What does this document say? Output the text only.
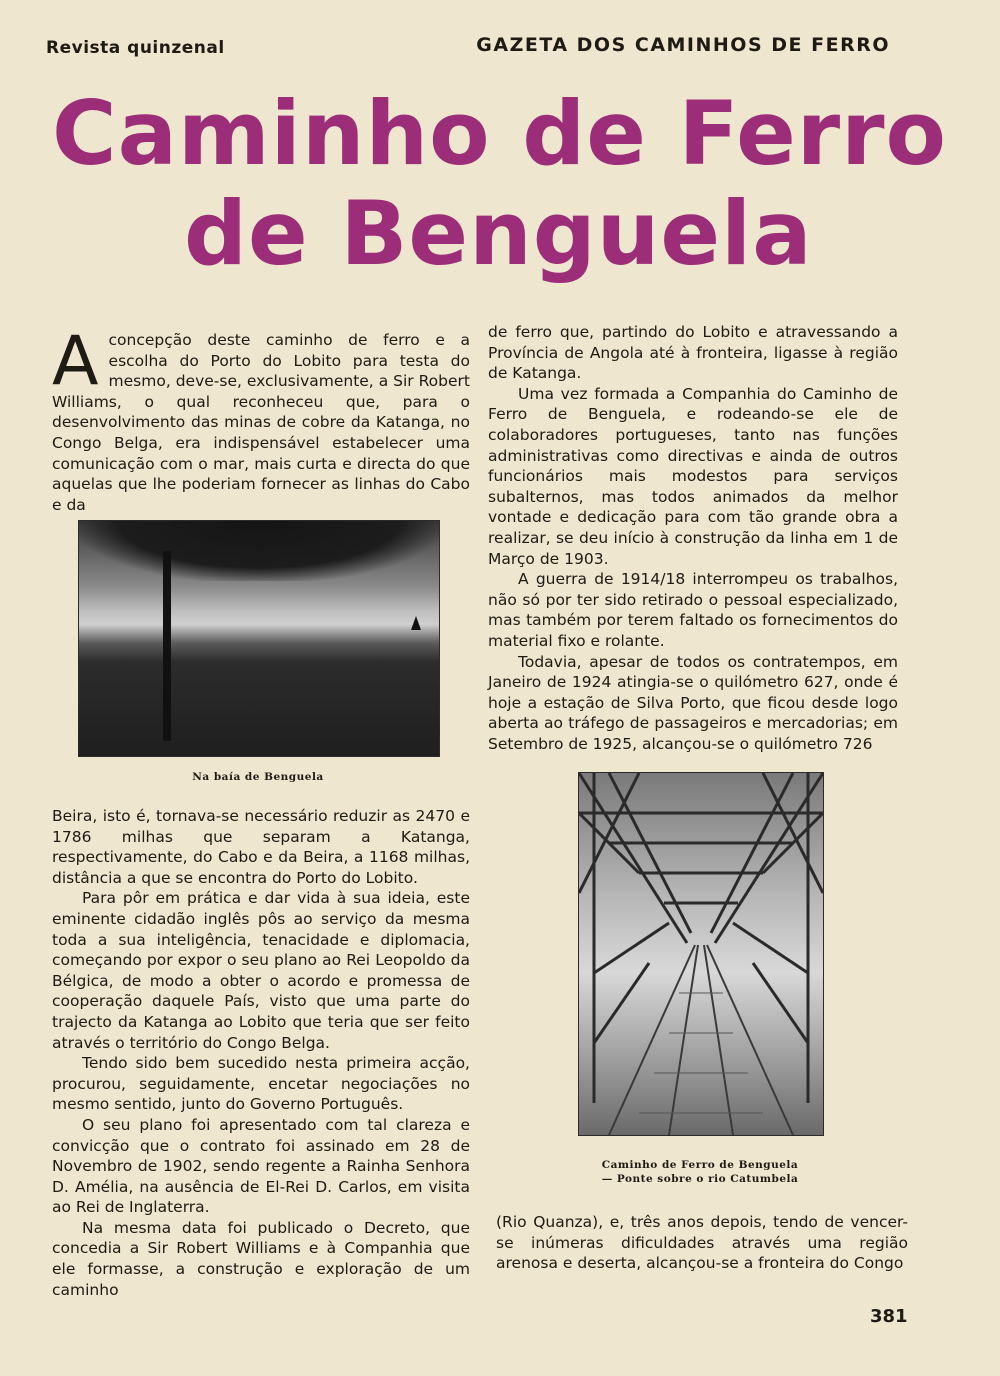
Revista quinzenal	GAZETA DOS CAMINHOS DE FERRO
Caminho de Ferro
de Benguela

Aconcepção deste caminho de ferro e a escolha do Porto do Lobito para testa do mesmo, deve-se, exclusivamente, a Sir Robert Williams, o qual reconheceu que, para o desenvolvimento das minas de cobre da Katanga, no Congo Belga, era indispensável estabelecer uma comunicação com o mar, mais curta e directa do que aquelas que lhe poderiam fornecer as linhas do Cabo e da

Na baía de Benguela

Beira, isto é, tornava-se necessário reduzir as 2470 e 1786 milhas que separam a Katanga, respectivamente, do Cabo e da Beira, a 1168 milhas, distância a que se encontra do Porto do Lobito.

Para pôr em prática e dar vida à sua ideia, este eminente cidadão inglês pôs ao serviço da mesma toda a sua inteligência, tenacidade e diplomacia, começando por expor o seu plano ao Rei Leopoldo da Bélgica, de modo a obter o acordo e promessa de cooperação daquele País, visto que uma parte do trajecto da Katanga ao Lobito que teria que ser feito através o território do Congo Belga.

Tendo sido bem sucedido nesta primeira acção, procurou, seguidamente, encetar negociações no mesmo sentido, junto do Governo Português.

O seu plano foi apresentado com tal clareza e convicção que o contrato foi assinado em 28 de Novembro de 1902, sendo regente a Rainha Senhora D. Amélia, na ausência de El-Rei D. Carlos, em visita ao Rei de Inglaterra.

Na mesma data foi publicado o Decreto, que concedia a Sir Robert Williams e à Companhia que ele formasse, a construção e exploração de um caminho

de ferro que, partindo do Lobito e atravessando a Província de Angola até à fronteira, ligasse à região de Katanga.

Uma vez formada a Companhia do Caminho de Ferro de Benguela, e rodeando-se ele de colaboradores portugueses, tanto nas funções administrativas como directivas e ainda de outros funcionários mais modestos para serviços subalternos, mas todos animados da melhor vontade e dedicação para com tão grande obra a realizar, se deu início à construção da linha em 1 de Março de 1903.

A guerra de 1914/18 interrompeu os trabalhos, não só por ter sido retirado o pessoal especializado, mas também por terem faltado os fornecimentos do material fixo e rolante.

Todavia, apesar de todos os contratempos, em Janeiro de 1924 atingia-se o quilómetro 627, onde é hoje a estação de Silva Porto, que ficou desde logo aberta ao tráfego de passageiros e mercadorias; em Setembro de 1925, alcançou-se o quilómetro 726

Caminho de Ferro de Benguela
— Ponte sobre o rio Catumbela

(Rio Quanza), e, três anos depois, tendo de vencer-se inúmeras dificuldades através uma região arenosa e deserta, alcançou-se a fronteira do Congo

381
